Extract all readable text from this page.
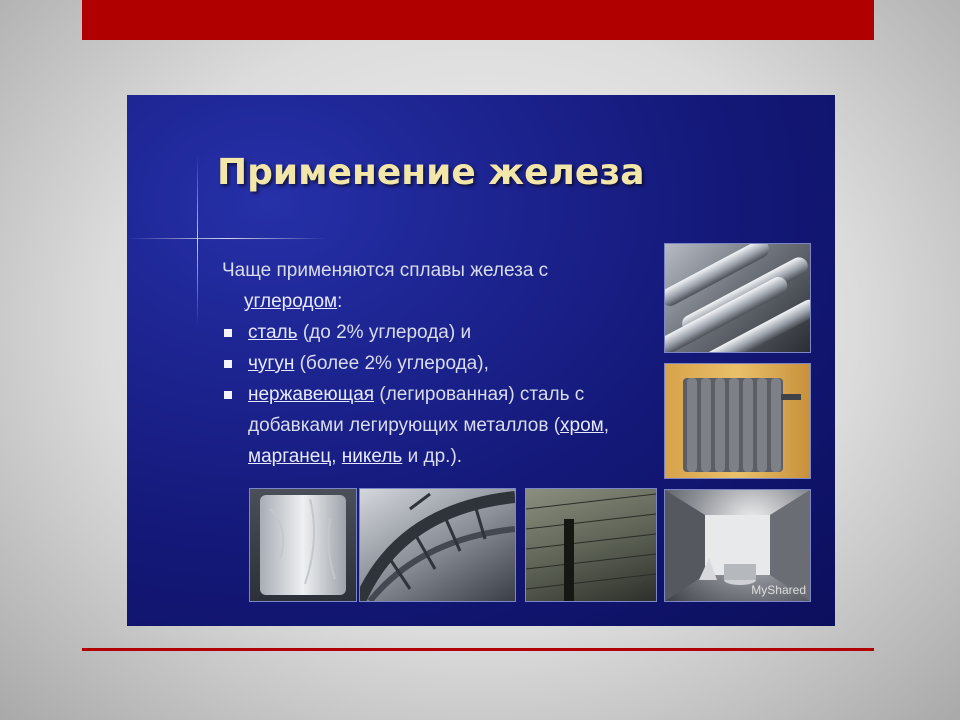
Применение железа

Чаще применяются сплавы железа с
углеродом:

сталь (до 2% углерода) и
чугун (более 2% углерода),
нержавеющая (легированная) сталь с добавками легирующих металлов (хром, марганец, никель и др.).
MyShared
